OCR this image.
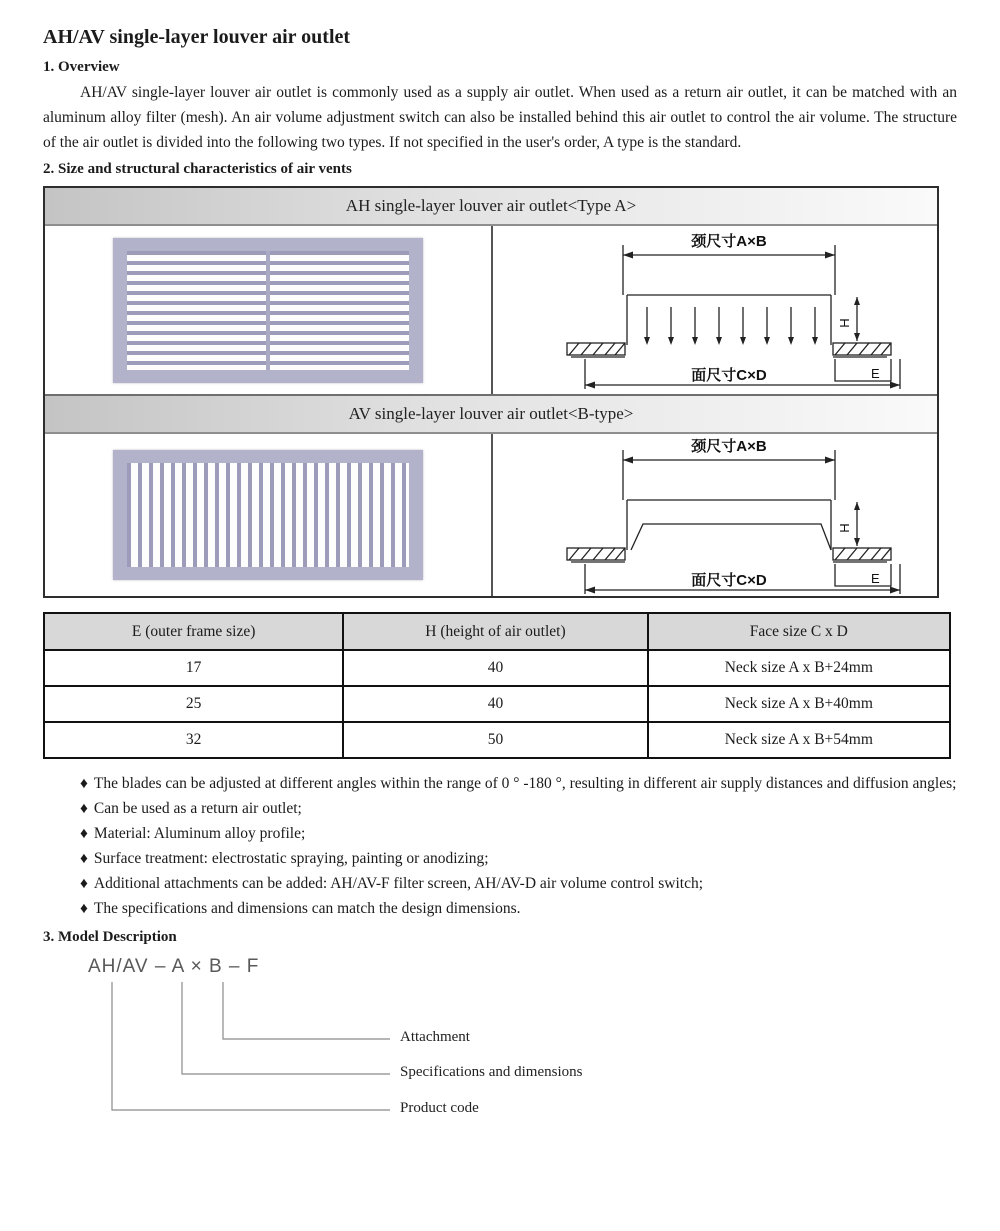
AH/AV single-layer louver air outlet
1. Overview

AH/AV single-layer louver air outlet is commonly used as a supply air outlet. When used as a return air outlet, it can be matched with an aluminum alloy filter (mesh). An air volume adjustment switch can also be installed behind this air outlet to control the air volume. The structure of the air outlet is divided into the following two types. If not specified in the user's order, A type is the standard.

2. Size and structural characteristics of air vents
AH single-layer louver air outlet<Type A>
颈尺寸A×B
H
E
面尺寸C×D
AV single-layer louver air outlet<B-type>
颈尺寸A×B
H
E
面尺寸C×D
E (outer frame size)	H (height of air outlet)	Face size C x D
17	40	Neck size A x B+24mm
25	40	Neck size A x B+40mm
32	50	Neck size A x B+54mm
♦ The blades can be adjusted at different angles within the range of 0 ° -180 °, resulting in different air supply distances and diffusion angles;
♦ Can be used as a return air outlet;
♦ Material: Aluminum alloy profile;
♦ Surface treatment: electrostatic spraying, painting or anodizing;
♦ Additional attachments can be added: AH/AV-F filter screen, AH/AV-D air volume control switch;
♦ The specifications and dimensions can match the design dimensions.
3. Model Description
AH/AV – A × B – F
Attachment
Specifications and dimensions
Product code
